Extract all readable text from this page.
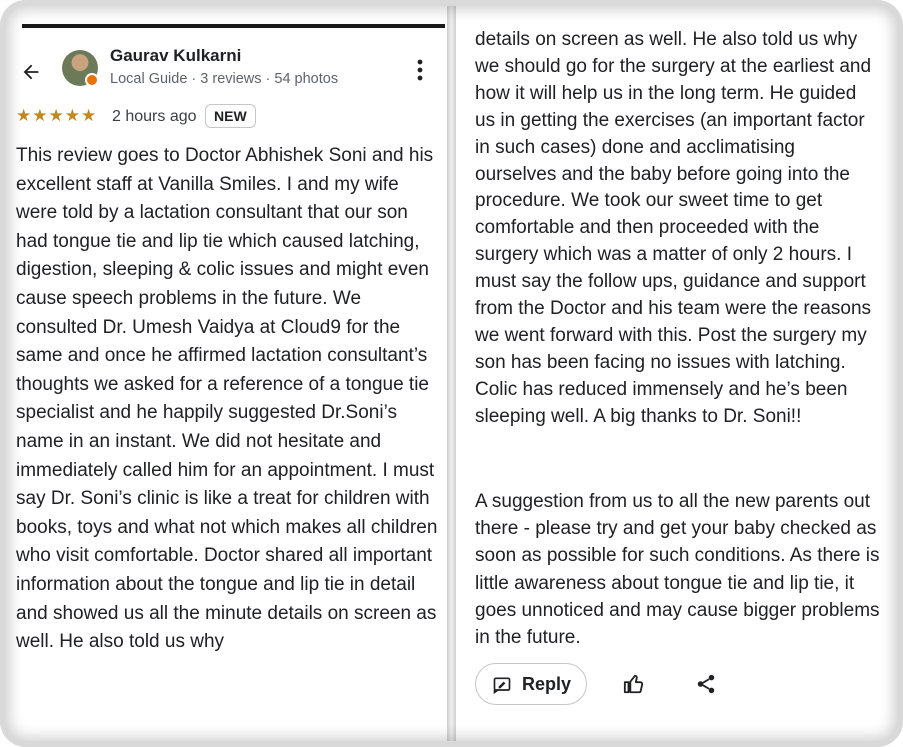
Gaurav Kulkarni
Local Guide · 3 reviews · 54 photos
★★★★★ 2 hours ago	NEW

This review goes to Doctor Abhishek Soni and his excellent staff at Vanilla Smiles. I and my wife were told by a lactation consultant that our son had tongue tie and lip tie which caused latching, digestion, sleeping & colic issues and might even cause speech problems in the future. We consulted Dr. Umesh Vaidya at Cloud9 for the same and once he affirmed lactation consultant’s thoughts we asked for a reference of a tongue tie specialist and he happily suggested Dr.Soni’s name in an instant. We did not hesitate and immediately called him for an appointment. I must say Dr. Soni’s clinic is like a treat for children with books, toys and what not which makes all children who visit comfortable. Doctor shared all important information about the tongue and lip tie in detail and showed us all the minute details on screen as well. He also told us why

details on screen as well. He also told us why we should go for the surgery at the earliest and how it will help us in the long term. He guided us in getting the exercises (an important factor in such cases) done and acclimatising ourselves and the baby before going into the procedure. We took our sweet time to get comfortable and then proceeded with the surgery which was a matter of only 2 hours. I must say the follow ups, guidance and support from the Doctor and his team were the reasons we went forward with this. Post the surgery my son has been facing no issues with latching. Colic has reduced immensely and he’s been sleeping well. A big thanks to Dr. Soni!!

A suggestion from us to all the new parents out there - please try and get your baby checked as soon as possible for such conditions. As there is little awareness about tongue tie and lip tie, it goes unnoticed and may cause bigger problems in the future.

Reply
